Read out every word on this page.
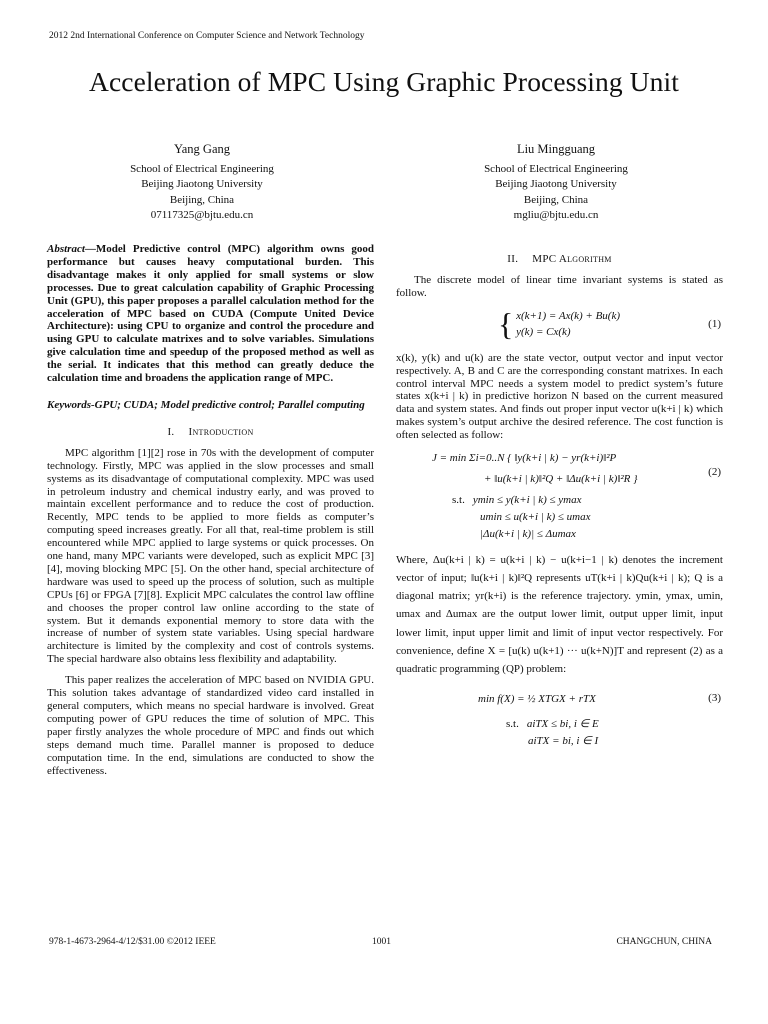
2012 2nd International Conference on Computer Science and Network Technology
Acceleration of MPC Using Graphic Processing Unit
Yang Gang
School of Electrical Engineering
Beijing Jiaotong University
Beijing, China
07117325@bjtu.edu.cn
Liu Mingguang
School of Electrical Engineering
Beijing Jiaotong University
Beijing, China
mgliu@bjtu.edu.cn

Abstract—Model Predictive control (MPC) algorithm owns good performance but causes heavy computational burden. This disadvantage makes it only applied for small systems or slow processes. Due to great calculation capability of Graphic Processing Unit (GPU), this paper proposes a parallel calculation method for the acceleration of MPC based on CUDA (Compute United Device Architecture): using CPU to organize and control the procedure and using GPU to calculate matrixes and to solve variables. Simulations give calculation time and speedup of the proposed method as well as the serial. It indicates that this method can greatly deduce the calculation time and broadens the application range of MPC.

Keywords-GPU; CUDA; Model predictive control; Parallel computing

I. Introduction

MPC algorithm [1][2] rose in 70s with the development of computer technology. Firstly, MPC was applied in the slow processes and small systems as its disadvantage of computational complexity. MPC was used in petroleum industry and chemical industry early, and was proved to maintain excellent performance and to reduce the cost of production. Recently, MPC tends to be applied to more fields as computer’s computing speed increases greatly. For all that, real-time problem is still encountered while MPC applied to large systems or quick processes. On one hand, many MPC variants were developed, such as explicit MPC [3][4], moving blocking MPC [5]. On the other hand, special architecture of hardware was used to speed up the process of solution, such as multiple CPUs [6] or FPGA [7][8]. Explicit MPC calculates the control law offline and chooses the proper control law online according to the state of system. But it demands exponential memory to store data with the increase of number of system state variables. Using special hardware architecture is limited by the complexity and cost of controls systems. The special hardware also obtains less flexibility and adaptability.

This paper realizes the acceleration of MPC based on NVIDIA GPU. This solution takes advantage of standardized video card installed in general computers, which means no special hardware is involved. Great computing power of GPU reduces the time of solution of MPC. This paper firstly analyzes the whole procedure of MPC and finds out which steps demand much time. Parallel manner is proposed to deduce computation time. In the end, simulations are conducted to show the effectiveness.

II. MPC Algorithm

The discrete model of linear time invariant systems is stated as follow.

{ x(k+1) = Ax(k) + Bu(k)
y(k) = Cx(k)
(1)

x(k), y(k) and u(k) are the state vector, output vector and input vector respectively. A, B and C are the corresponding constant matrixes. In each control interval MPC needs a system model to predict system’s future states x(k+i | k) in predictive horizon N based on the current measured data and system states. And finds out proper input vector u(k+i | k) which makes system’s output archive the desired reference. The cost function is often selected as follow:

J = min Σi=0..N { ‖y(k+i | k) − yr(k+i)‖²P
+ ‖u(k+i | k)‖²Q + ‖Δu(k+i | k)‖²R }
(2)
s.t. ymin ≤ y(k+i | k) ≤ ymax
umin ≤ u(k+i | k) ≤ umax
|Δu(k+i | k)| ≤ Δumax

Where, Δu(k+i | k) = u(k+i | k) − u(k+i−1 | k) denotes the increment vector of input; ‖u(k+i | k)‖²Q represents uT(k+i | k)Qu(k+i | k); Q is a diagonal matrix; yr(k+i) is the reference trajectory. ymin, ymax, umin, umax and Δumax are the output lower limit, output upper limit, input lower limit, input upper limit and limit of input vector respectively. For convenience, define X = [u(k) u(k+1) ··· u(k+N)]T and represent (2) as a quadratic programming (QP) problem:

min f(X) = ½ XTGX + rTX	(3)
s.t. aiTX ≤ bi, i ∈ E
aiTX = bi, i ∈ I
978-1-4673-2964-4/12/$31.00 ©2012 IEEE	1001	CHANGCHUN, CHINA
